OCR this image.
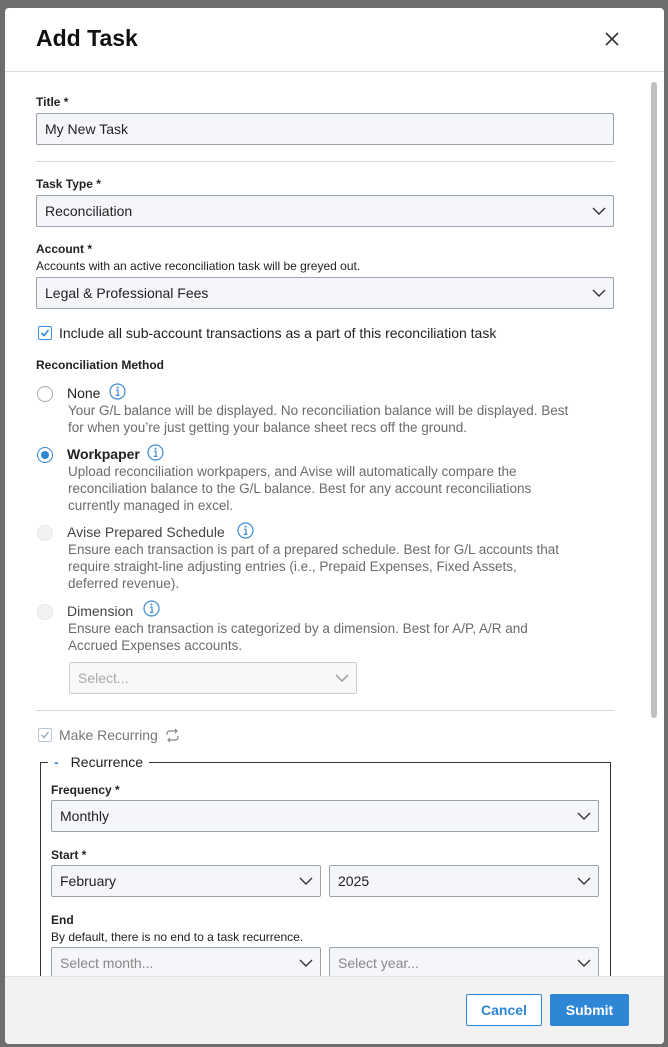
Add Task
Title *
My New Task
Task Type *
Reconciliation
Account *
Accounts with an active reconciliation task will be greyed out.
Legal & Professional Fees
Include all sub-account transactions as a part of this reconciliation task
Reconciliation Method
None
Your G/L balance will be displayed. No reconciliation balance will be displayed. Best
for when you’re just getting your balance sheet recs off the ground.
Workpaper
Upload reconciliation workpapers, and Avise will automatically compare the
reconciliation balance to the G/L balance. Best for any account reconciliations
currently managed in excel.
Avise Prepared Schedule
Ensure each transaction is part of a prepared schedule. Best for G/L accounts that
require straight-line adjusting entries (i.e., Prepaid Expenses, Fixed Assets,
deferred revenue).
Dimension
Ensure each transaction is categorized by a dimension. Best for A/P, A/R and
Accrued Expenses accounts.
Select...
Make Recurring
- Recurrence
Frequency *
Monthly
Start *
February	2025
End
By default, there is no end to a task recurrence.
Select month...	Select year...
Cancel	Submit
